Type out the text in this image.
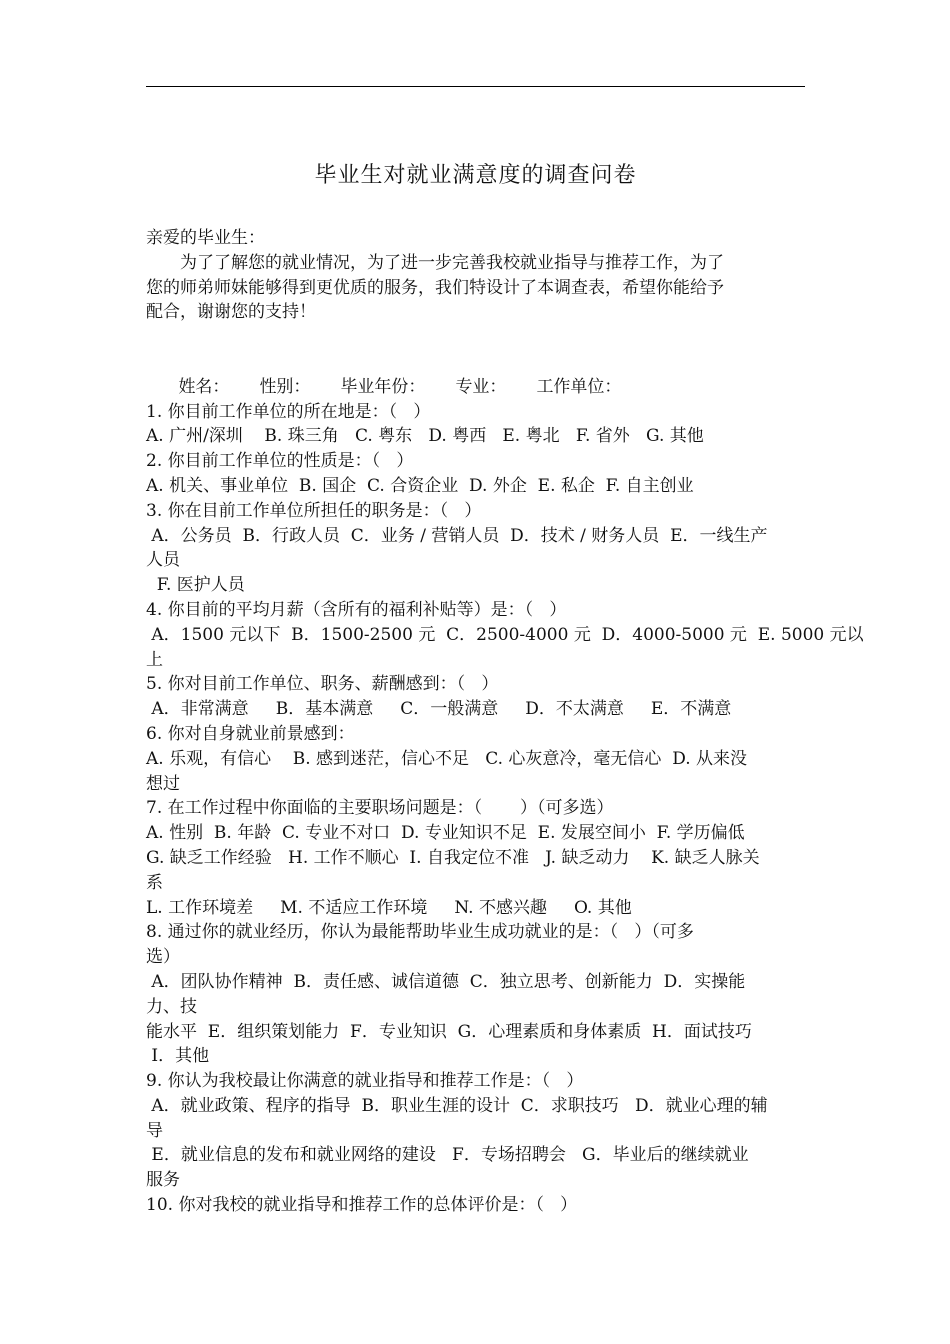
毕业生对就业满意度的调查问卷
亲爱的毕业生：
为了了解您的就业情况，为了进一步完善我校就业指导与推荐工作，为了
您的师弟师妹能够得到更优质的服务，我们特设计了本调查表，希望你能给予
配合，谢谢您的支持！

姓名： 性别： 毕业年份： 专业： 工作单位：

1. 你目前工作单位的所在地是：（   ）
A. 广州/深圳    B. 珠三角   C. 粤东   D. 粤西   E. 粤北   F. 省外   G. 其他
2. 你目前工作单位的性质是：（   ）
A. 机关、事业单位  B. 国企  C. 合资企业  D. 外企  E. 私企  F. 自主创业
3. 你在目前工作单位所担任的职务是：（   ）
A．公务员  B．行政人员  C．业务 / 营销人员  D．技术 / 财务人员  E．一线生产
人员
F. 医护人员
4. 你目前的平均月薪（含所有的福利补贴等）是：（   ）
A．1500 元以下  B．1500-2500 元  C．2500-4000 元  D．4000-5000 元  E. 5000 元以
上
5. 你对目前工作单位、职务、薪酬感到：（   ）
A．非常满意     B．基本满意     C．一般满意     D．不太满意     E．不满意
6. 你对自身就业前景感到：
A. 乐观，有信心    B. 感到迷茫，信心不足   C. 心灰意冷，毫无信心  D. 从来没
想过
7. 在工作过程中你面临的主要职场问题是：（       ）（可多选）
A. 性别  B. 年龄  C. 专业不对口  D. 专业知识不足  E. 发展空间小  F. 学历偏低
G. 缺乏工作经验   H. 工作不顺心  I. 自我定位不准   J. 缺乏动力    K. 缺乏人脉关
系
L. 工作环境差     M. 不适应工作环境     N. 不感兴趣     O. 其他
8. 通过你的就业经历，你认为最能帮助毕业生成功就业的是：（   ）（可多
选）
A．团队协作精神  B．责任感、诚信道德  C．独立思考、创新能力  D．实操能
力、技
能水平  E．组织策划能力  F．专业知识  G．心理素质和身体素质  H．面试技巧
I．其他
9. 你认为我校最让你满意的就业指导和推荐工作是：（   ）
A．就业政策、程序的指导  B．职业生涯的设计  C．求职技巧   D．就业心理的辅
导
E．就业信息的发布和就业网络的建设   F．专场招聘会   G．毕业后的继续就业
服务
10. 你对我校的就业指导和推荐工作的总体评价是：（   ）
